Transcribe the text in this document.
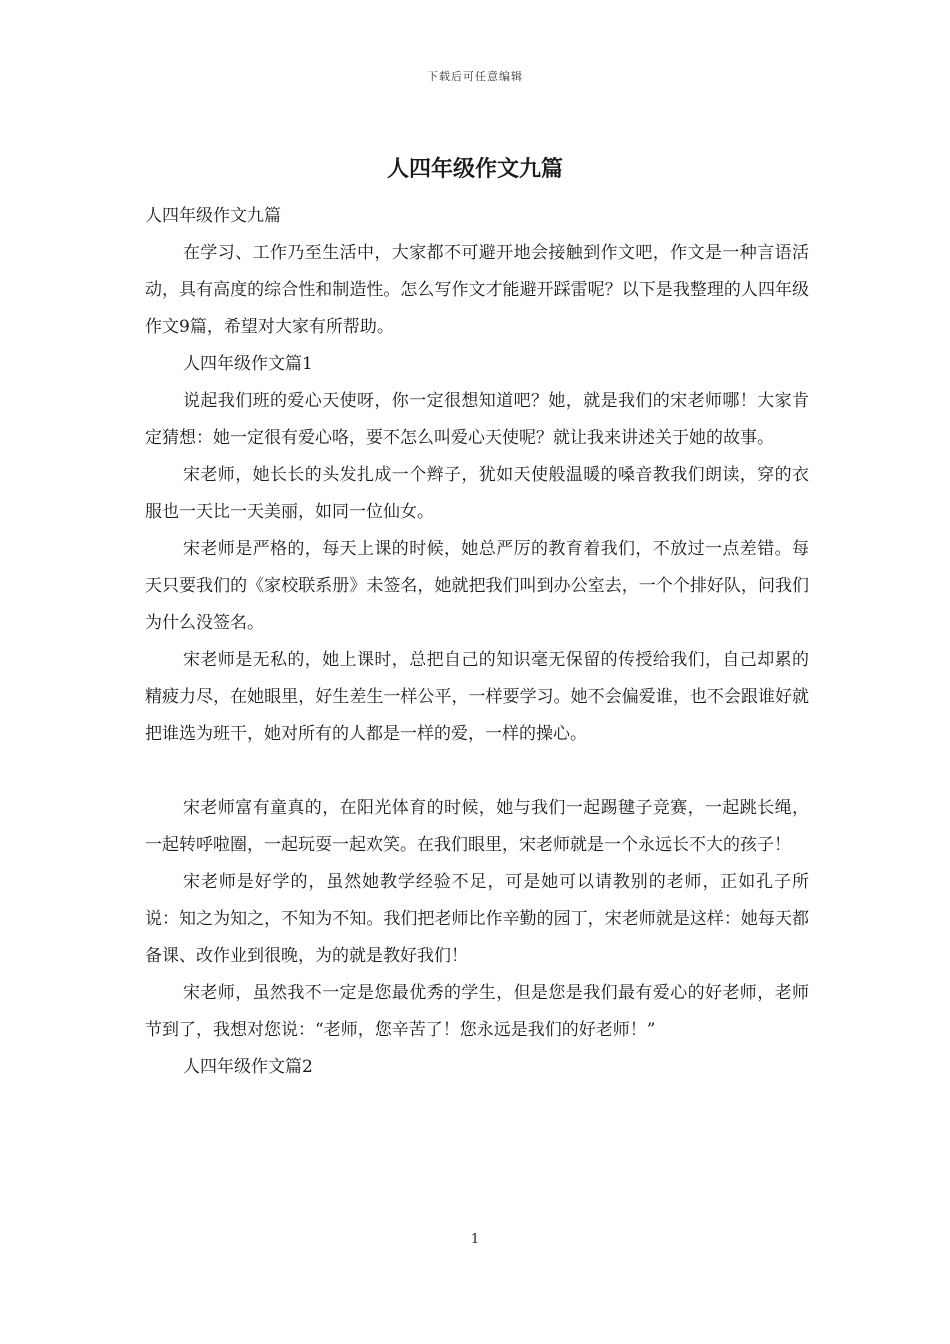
下载后可任意编辑
人四年级作文九篇

人四年级作文九篇

在学习、工作乃至生活中，大家都不可避开地会接触到作文吧，作文是一种言语活动，具有高度的综合性和制造性。怎么写作文才能避开踩雷呢？以下是我整理的人四年级作文9篇，希望对大家有所帮助。

人四年级作文篇1

说起我们班的爱心天使呀，你一定很想知道吧？她，就是我们的宋老师哪！大家肯定猜想：她一定很有爱心咯，要不怎么叫爱心天使呢？就让我来讲述关于她的故事。

宋老师，她长长的头发扎成一个辫子，犹如天使般温暖的嗓音教我们朗读，穿的衣服也一天比一天美丽，如同一位仙女。

宋老师是严格的，每天上课的时候，她总严厉的教育着我们，不放过一点差错。每天只要我们的《家校联系册》未签名，她就把我们叫到办公室去，一个个排好队，问我们为什么没签名。

宋老师是无私的，她上课时，总把自己的知识毫无保留的传授给我们，自己却累的精疲力尽，在她眼里，好生差生一样公平，一样要学习。她不会偏爱谁，也不会跟谁好就把谁选为班干，她对所有的人都是一样的爱，一样的操心。

宋老师富有童真的，在阳光体育的时候，她与我们一起踢毽子竞赛，一起跳长绳，一起转呼啦圈，一起玩耍一起欢笑。在我们眼里，宋老师就是一个永远长不大的孩子！

宋老师是好学的，虽然她教学经验不足，可是她可以请教别的老师，正如孔子所说：知之为知之，不知为不知。我们把老师比作辛勤的园丁，宋老师就是这样：她每天都备课、改作业到很晚，为的就是教好我们！

宋老师，虽然我不一定是您最优秀的学生，但是您是我们最有爱心的好老师，老师节到了，我想对您说：“老师，您辛苦了！您永远是我们的好老师！”

人四年级作文篇2

1
